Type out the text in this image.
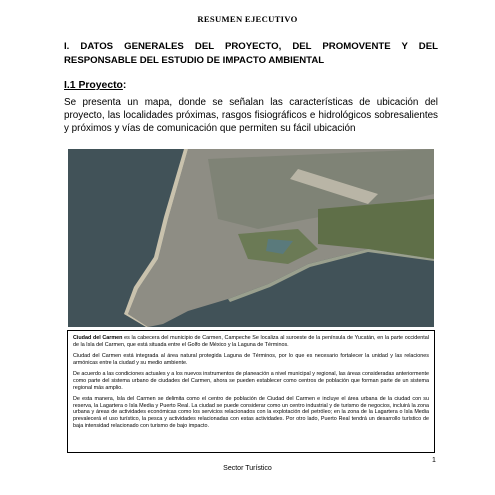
RESUMEN EJECUTIVO
I. DATOS GENERALES DEL PROYECTO, DEL PROMOVENTE Y DEL
RESPONSABLE DEL ESTUDIO DE IMPACTO AMBIENTAL
I.1 Proyecto:

Se presenta un mapa, donde se señalan las características de ubicación del proyecto, las localidades próximas, rasgos fisiográficos e hidrológicos sobresalientes y próximos y vías de comunicación que permiten su fácil ubicación

Ciudad del Carmen es la cabecera del municipio de Carmen, Campeche Se localiza al suroeste de la península de Yucatán, en la parte occidental de la Isla del Carmen, que está situada entre el Golfo de México y la Laguna de Términos.

Ciudad del Carmen está integrada al área natural protegida Laguna de Términos, por lo que es necesario fortalecer la unidad y las relaciones armónicas entre la ciudad y su medio ambiente.

De acuerdo a las condiciones actuales y a los nuevos instrumentos de planeación a nivel municipal y regional, las áreas consideradas anteriormente como parte del sistema urbano de ciudades del Carmen, ahora se pueden establecer como centros de población que forman parte de un sistema regional más amplio.

De esta manera, Isla del Carmen se delimita como el centro de población de Ciudad del Carmen e incluye el área urbana de la ciudad con su reserva, la Lagartera o Isla Media y Puerto Real. La ciudad se puede considerar como un centro industrial y de turismo de negocios, incluirá la zona urbana y áreas de actividades económicas como los servicios relacionados con la explotación del petróleo; en la zona de la Lagartera o Isla Media prevalecerá el uso turístico, la pesca y actividades relacionadas con estas actividades. Por otro lado, Puerto Real tendrá un desarrollo turístico de baja intensidad relacionado con turismo de bajo impacto.

1
Sector Turístico
